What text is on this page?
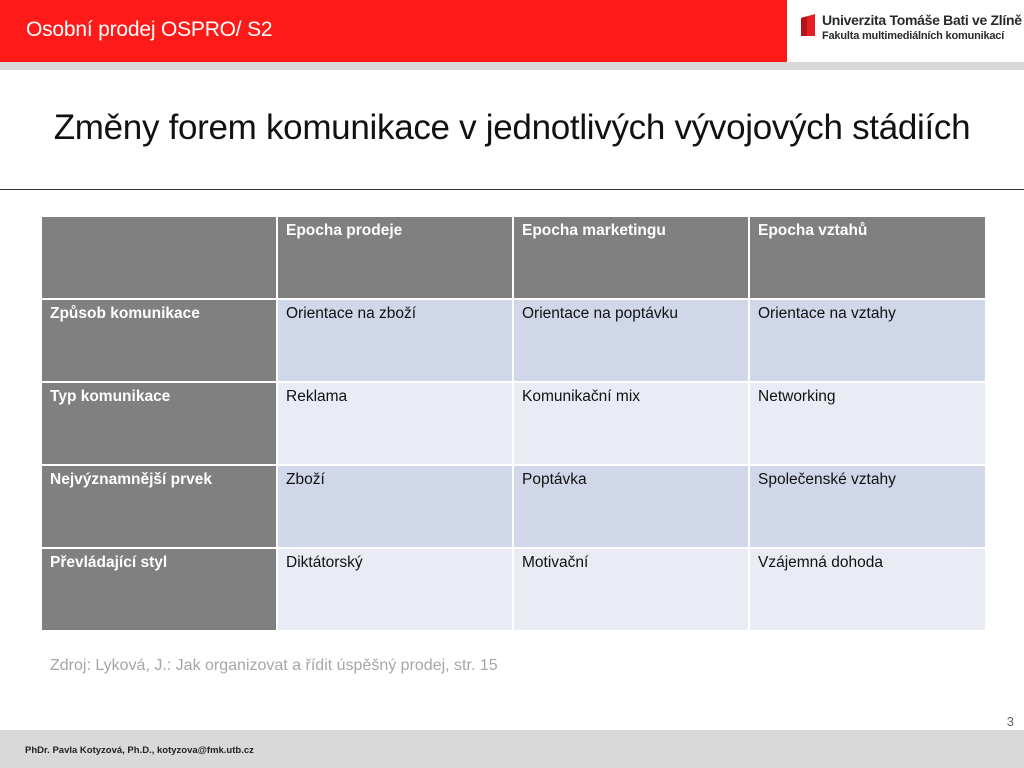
Osobní prodej OSPRO/ S2	Univerzita Tomáše Bati ve Zlíně
Fakulta multimediálních komunikací
Změny forem komunikace v jednotlivých vývojových stádiích
	Epocha prodeje	Epocha marketingu	Epocha vztahů
Způsob komunikace	Orientace na zboží	Orientace na poptávku	Orientace na vztahy
Typ komunikace	Reklama	Komunikační mix	Networking
Nejvýznamnější prvek	Zboží	Poptávka	Společenské vztahy
Převládající styl	Diktátorský	Motivační	Vzájemná dohoda
Zdroj: Lyková, J.: Jak organizovat a řídit úspěšný prodej, str. 15
3
PhDr. Pavla Kotyzová, Ph.D., kotyzova@fmk.utb.cz
